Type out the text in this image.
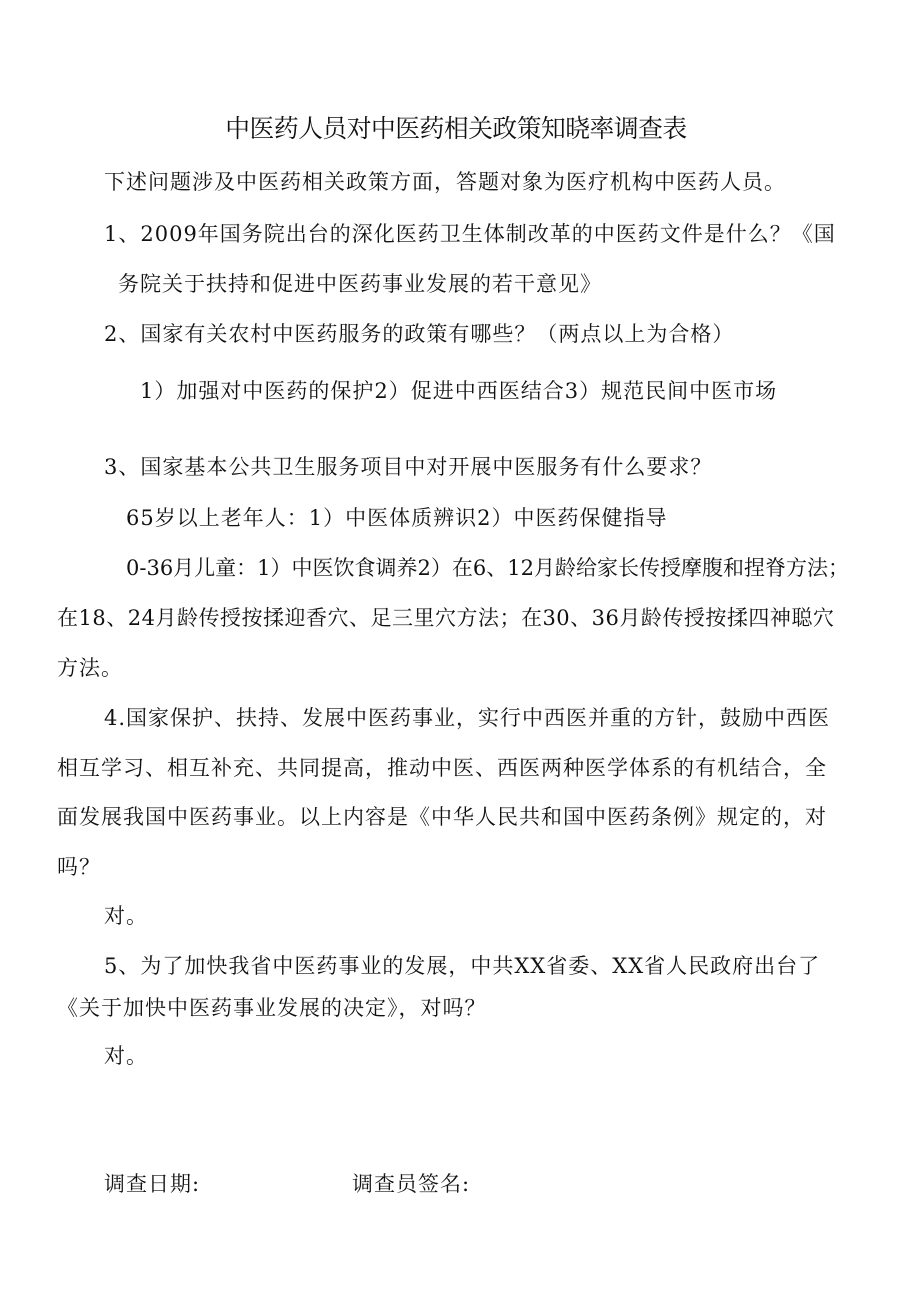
中医药人员对中医药相关政策知晓率调查表
下述问题涉及中医药相关政策方面，答题对象为医疗机构中医药人员。
1、2009年国务院出台的深化医药卫生体制改革的中医药文件是什么？《国
务院关于扶持和促进中医药事业发展的若干意见》
2、国家有关农村中医药服务的政策有哪些？（两点以上为合格）
1）加强对中医药的保护2）促进中西医结合3）规范民间中医市场
3、国家基本公共卫生服务项目中对开展中医服务有什么要求？
65岁以上老年人：1）中医体质辨识2）中医药保健指导
0-36月儿童：1）中医饮食调养2）在6、12月龄给家长传授摩腹和捏脊方法；
在18、24月龄传授按揉迎香穴、足三里穴方法；在30、36月龄传授按揉四神聪穴
方法。
4.国家保护、扶持、发展中医药事业，实行中西医并重的方针，鼓励中西医
相互学习、相互补充、共同提高，推动中医、西医两种医学体系的有机结合，全
面发展我国中医药事业。以上内容是《中华人民共和国中医药条例》规定的，对
吗？
对。
5、为了加快我省中医药事业的发展，中共XX省委、XX省人民政府出台了
《关于加快中医药事业发展的决定》，对吗？
对。
调查日期:	调查员签名:
